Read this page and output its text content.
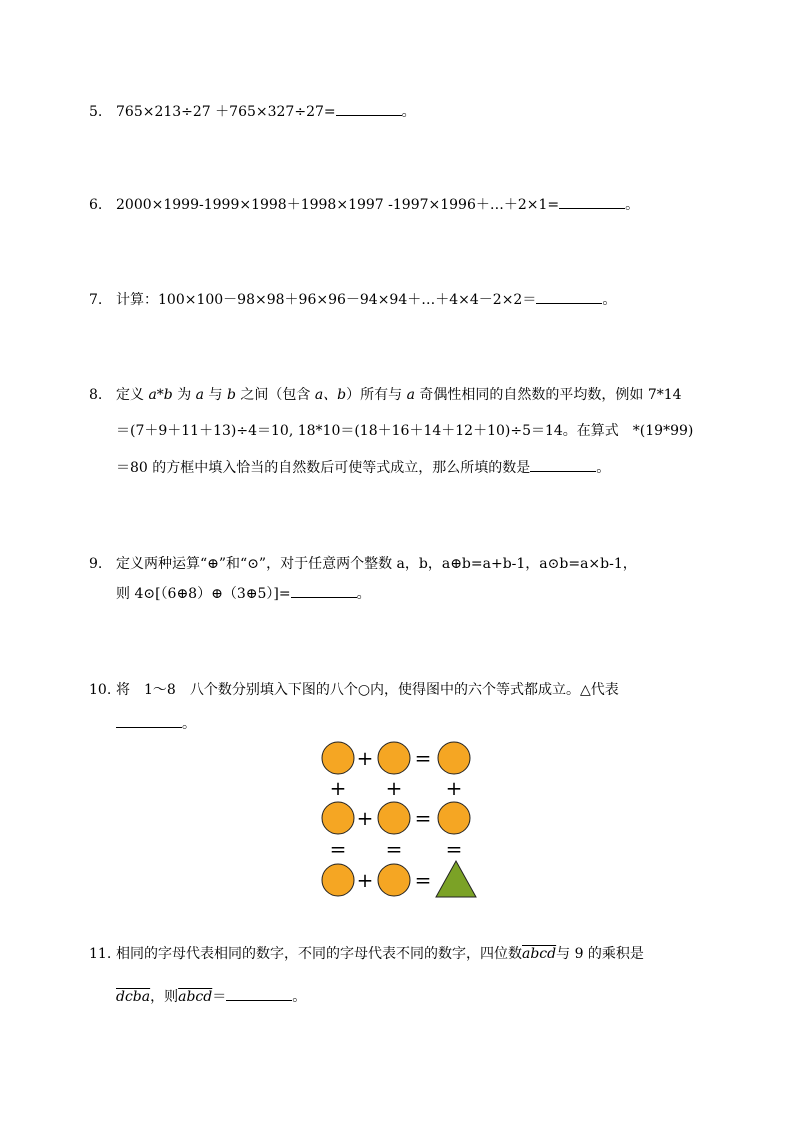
5. 765×213÷27 ＋765×327÷27=	。
6. 2000×1999-1999×1998＋1998×1997 -1997×1996＋…＋2×1=	。
7. 计算：100×100－98×98＋96×96－94×94＋…＋4×4－2×2＝	。
8. 定义 a*b 为 a 与 b 之间（包含 a、b）所有与 a 奇偶性相同的自然数的平均数，例如 7*14
＝(7＋9＋11＋13)÷4＝10, 18*10＝(18＋16＋14＋12＋10)÷5＝14。在算式　*(19*99)
＝80 的方框中填入恰当的自然数后可使等式成立，那么所填的数是	。
9. 定义两种运算“⊕”和“⊙”，对于任意两个整数 a，b，a⊕b=a+b-1，a⊙b=a×b-1，
则 4⊙[（6⊕8）⊕（3⊕5）]=	。
10. 将　1～8　八个数分别填入下图的八个○内，使得图中的六个等式都成立。△代表
。
+ =
+ + +
+ =
= = =
+ =
11. 相同的字母代表相同的数字，不同的字母代表不同的数字，四位数abcd与 9 的乘积是
dcba，则abcd＝	。
